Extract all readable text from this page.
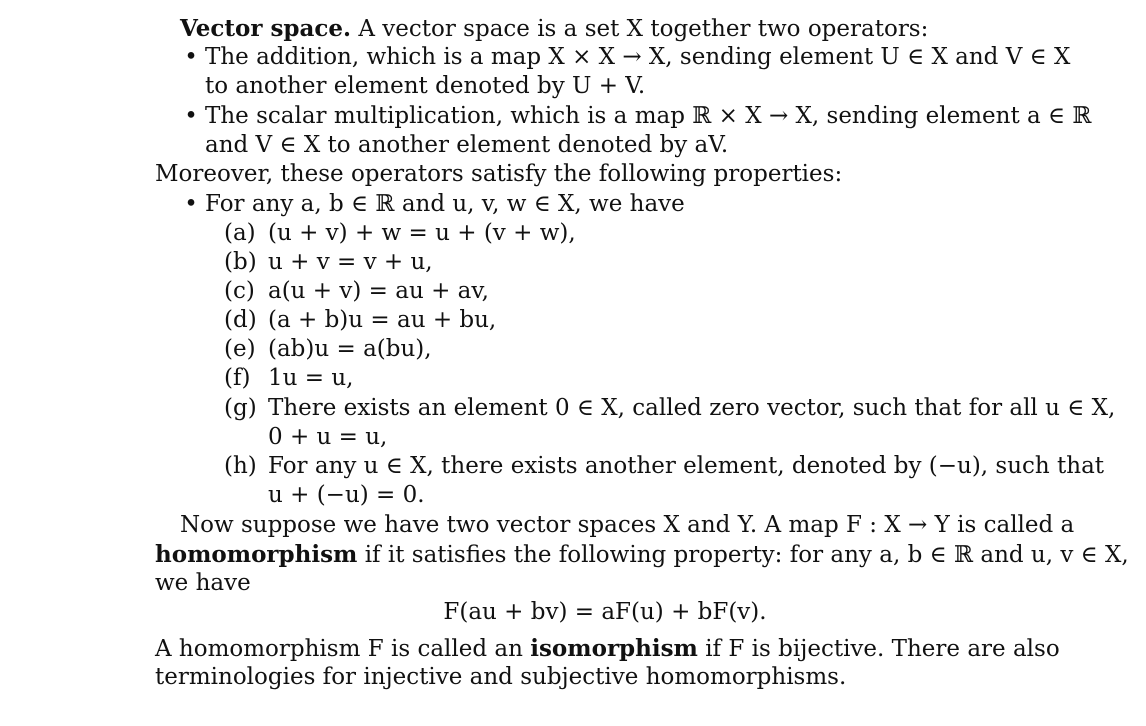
Vector space. A vector space is a set X together two operators:
• The addition, which is a map X × X → X, sending element U ∈ X and V ∈ X
to another element denoted by U + V.
• The scalar multiplication, which is a map ℝ × X → X, sending element a ∈ ℝ
and V ∈ X to another element denoted by aV.
Moreover, these operators satisfy the following properties:
• For any a, b ∈ ℝ and u, v, w ∈ X, we have
(a) (u + v) + w = u + (v + w),
(b) u + v = v + u,
(c) a(u + v) = au + av,
(d) (a + b)u = au + bu,
(e) (ab)u = a(bu),
(f) 1u = u,
(g) There exists an element 0 ∈ X, called zero vector, such that for all u ∈ X,
0 + u = u,
(h) For any u ∈ X, there exists another element, denoted by (−u), such that
u + (−u) = 0.
Now suppose we have two vector spaces X and Y. A map F : X → Y is called a
homomorphism if it satisfies the following property: for any a, b ∈ ℝ and u, v ∈ X,
we have
F(au + bv) = aF(u) + bF(v).
A homomorphism F is called an isomorphism if F is bijective. There are also
terminologies for injective and subjective homomorphisms.
